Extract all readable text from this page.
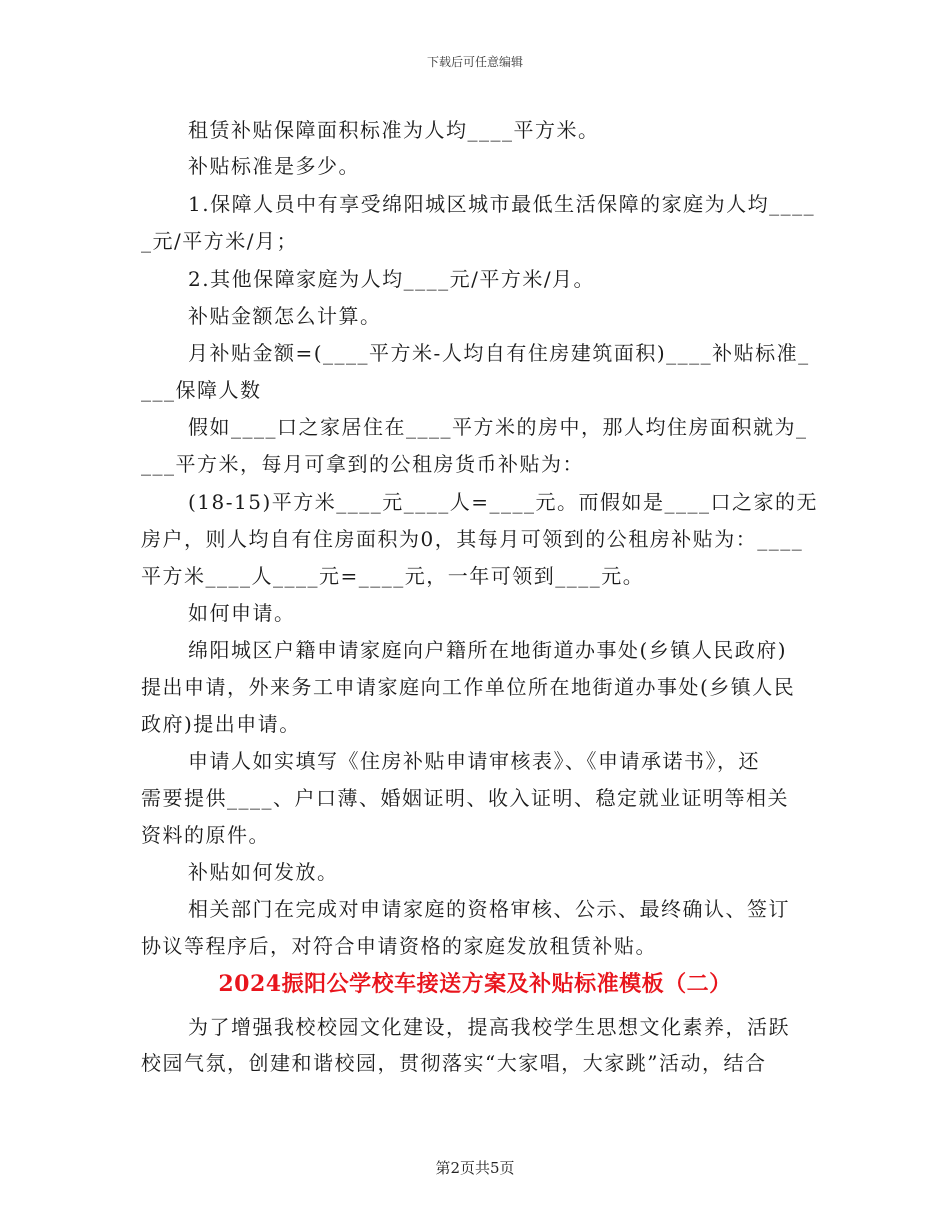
下载后可任意编辑
租赁补贴保障面积标准为人均____平方米。
补贴标准是多少。
1.保障人员中有享受绵阳城区城市最低生活保障的家庭为人均____
_元/平方米/月；
2.其他保障家庭为人均____元/平方米/月。
补贴金额怎么计算。
月补贴金额=(____平方米-人均自有住房建筑面积)____补贴标准_
___保障人数
假如____口之家居住在____平方米的房中，那人均住房面积就为_
___平方米，每月可拿到的公租房货币补贴为：
(18-15)平方米____元____人=____元。而假如是____口之家的无
房户，则人均自有住房面积为0，其每月可领到的公租房补贴为：____
平方米____人____元=____元，一年可领到____元。
如何申请。
绵阳城区户籍申请家庭向户籍所在地街道办事处(乡镇人民政府)
提出申请，外来务工申请家庭向工作单位所在地街道办事处(乡镇人民
政府)提出申请。
申请人如实填写《住房补贴申请审核表》、《申请承诺书》，还
需要提供____、户口薄、婚姻证明、收入证明、稳定就业证明等相关
资料的原件。
补贴如何发放。
相关部门在完成对申请家庭的资格审核、公示、最终确认、签订
协议等程序后，对符合申请资格的家庭发放租赁补贴。
2024振阳公学校车接送方案及补贴标准模板（二）
为了增强我校校园文化建设，提高我校学生思想文化素养，活跃
校园气氛，创建和谐校园，贯彻落实“大家唱，大家跳”活动，结合
第2页共5页
